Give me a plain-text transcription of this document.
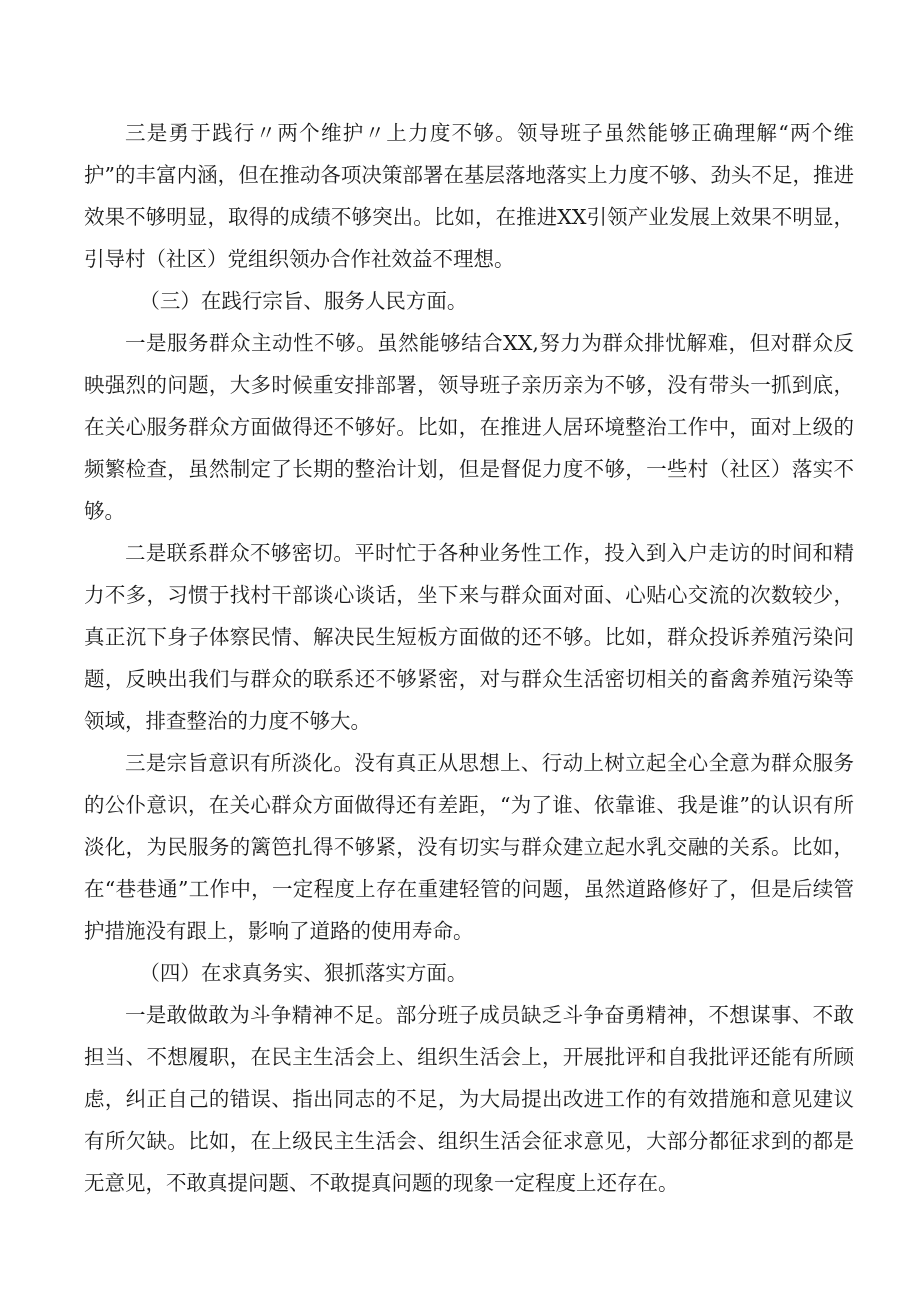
三是勇于践行〃两个维护〃上力度不够。领导班子虽然能够正确理解“两个维护”的丰富内涵，但在推动各项决策部署在基层落地落实上力度不够、劲头不足，推进效果不够明显，取得的成绩不够突出。比如，在推进XX引领产业发展上效果不明显，引导村（社区）党组织领办合作社效益不理想。

（三）在践行宗旨、服务人民方面。

一是服务群众主动性不够。虽然能够结合XX,努力为群众排忧解难，但对群众反映强烈的问题，大多时候重安排部署，领导班子亲历亲为不够，没有带头一抓到底，在关心服务群众方面做得还不够好。比如，在推进人居环境整治工作中，面对上级的频繁检查，虽然制定了长期的整治计划，但是督促力度不够，一些村（社区）落实不够。

二是联系群众不够密切。平时忙于各种业务性工作，投入到入户走访的时间和精力不多，习惯于找村干部谈心谈话，坐下来与群众面对面、心贴心交流的次数较少，真正沉下身子体察民情、解决民生短板方面做的还不够。比如，群众投诉养殖污染问题，反映出我们与群众的联系还不够紧密，对与群众生活密切相关的畜禽养殖污染等领域，排查整治的力度不够大。

三是宗旨意识有所淡化。没有真正从思想上、行动上树立起全心全意为群众服务的公仆意识，在关心群众方面做得还有差距，“为了谁、依靠谁、我是谁”的认识有所淡化，为民服务的篱笆扎得不够紧，没有切实与群众建立起水乳交融的关系。比如，在“巷巷通”工作中，一定程度上存在重建轻管的问题，虽然道路修好了，但是后续管护措施没有跟上，影响了道路的使用寿命。

（四）在求真务实、狠抓落实方面。

一是敢做敢为斗争精神不足。部分班子成员缺乏斗争奋勇精神，不想谋事、不敢担当、不想履职，在民主生活会上、组织生活会上，开展批评和自我批评还能有所顾虑，纠正自己的错误、指出同志的不足，为大局提出改进工作的有效措施和意见建议有所欠缺。比如，在上级民主生活会、组织生活会征求意见，大部分都征求到的都是无意见，不敢真提问题、不敢提真问题的现象一定程度上还存在。
